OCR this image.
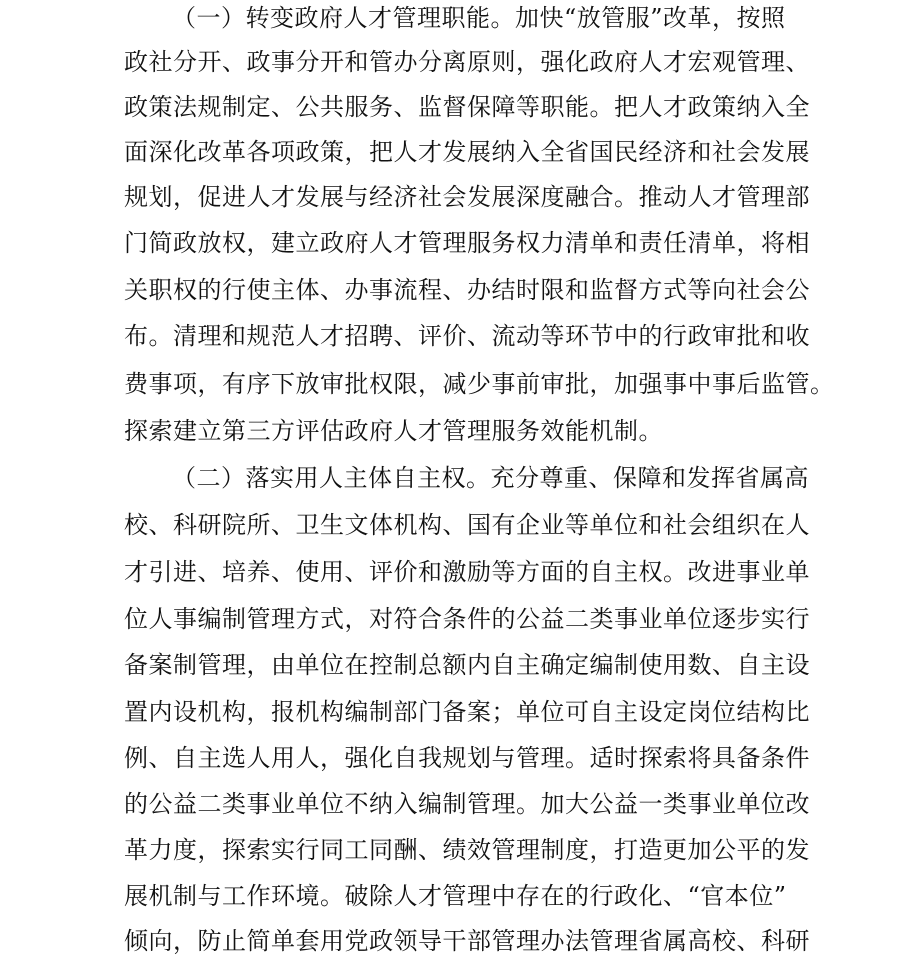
（一）转变政府人才管理职能。加快“放管服”改革，按照
政社分开、政事分开和管办分离原则，强化政府人才宏观管理、
政策法规制定、公共服务、监督保障等职能。把人才政策纳入全
面深化改革各项政策，把人才发展纳入全省国民经济和社会发展
规划，促进人才发展与经济社会发展深度融合。推动人才管理部
门简政放权，建立政府人才管理服务权力清单和责任清单，将相
关职权的行使主体、办事流程、办结时限和监督方式等向社会公
布。清理和规范人才招聘、评价、流动等环节中的行政审批和收
费事项，有序下放审批权限，减少事前审批，加强事中事后监管。
探索建立第三方评估政府人才管理服务效能机制。
（二）落实用人主体自主权。充分尊重、保障和发挥省属高
校、科研院所、卫生文体机构、国有企业等单位和社会组织在人
才引进、培养、使用、评价和激励等方面的自主权。改进事业单
位人事编制管理方式，对符合条件的公益二类事业单位逐步实行
备案制管理，由单位在控制总额内自主确定编制使用数、自主设
置内设机构，报机构编制部门备案；单位可自主设定岗位结构比
例、自主选人用人，强化自我规划与管理。适时探索将具备条件
的公益二类事业单位不纳入编制管理。加大公益一类事业单位改
革力度，探索实行同工同酬、绩效管理制度，打造更加公平的发
展机制与工作环境。破除人才管理中存在的行政化、“官本位”
倾向，防止简单套用党政领导干部管理办法管理省属高校、科研
